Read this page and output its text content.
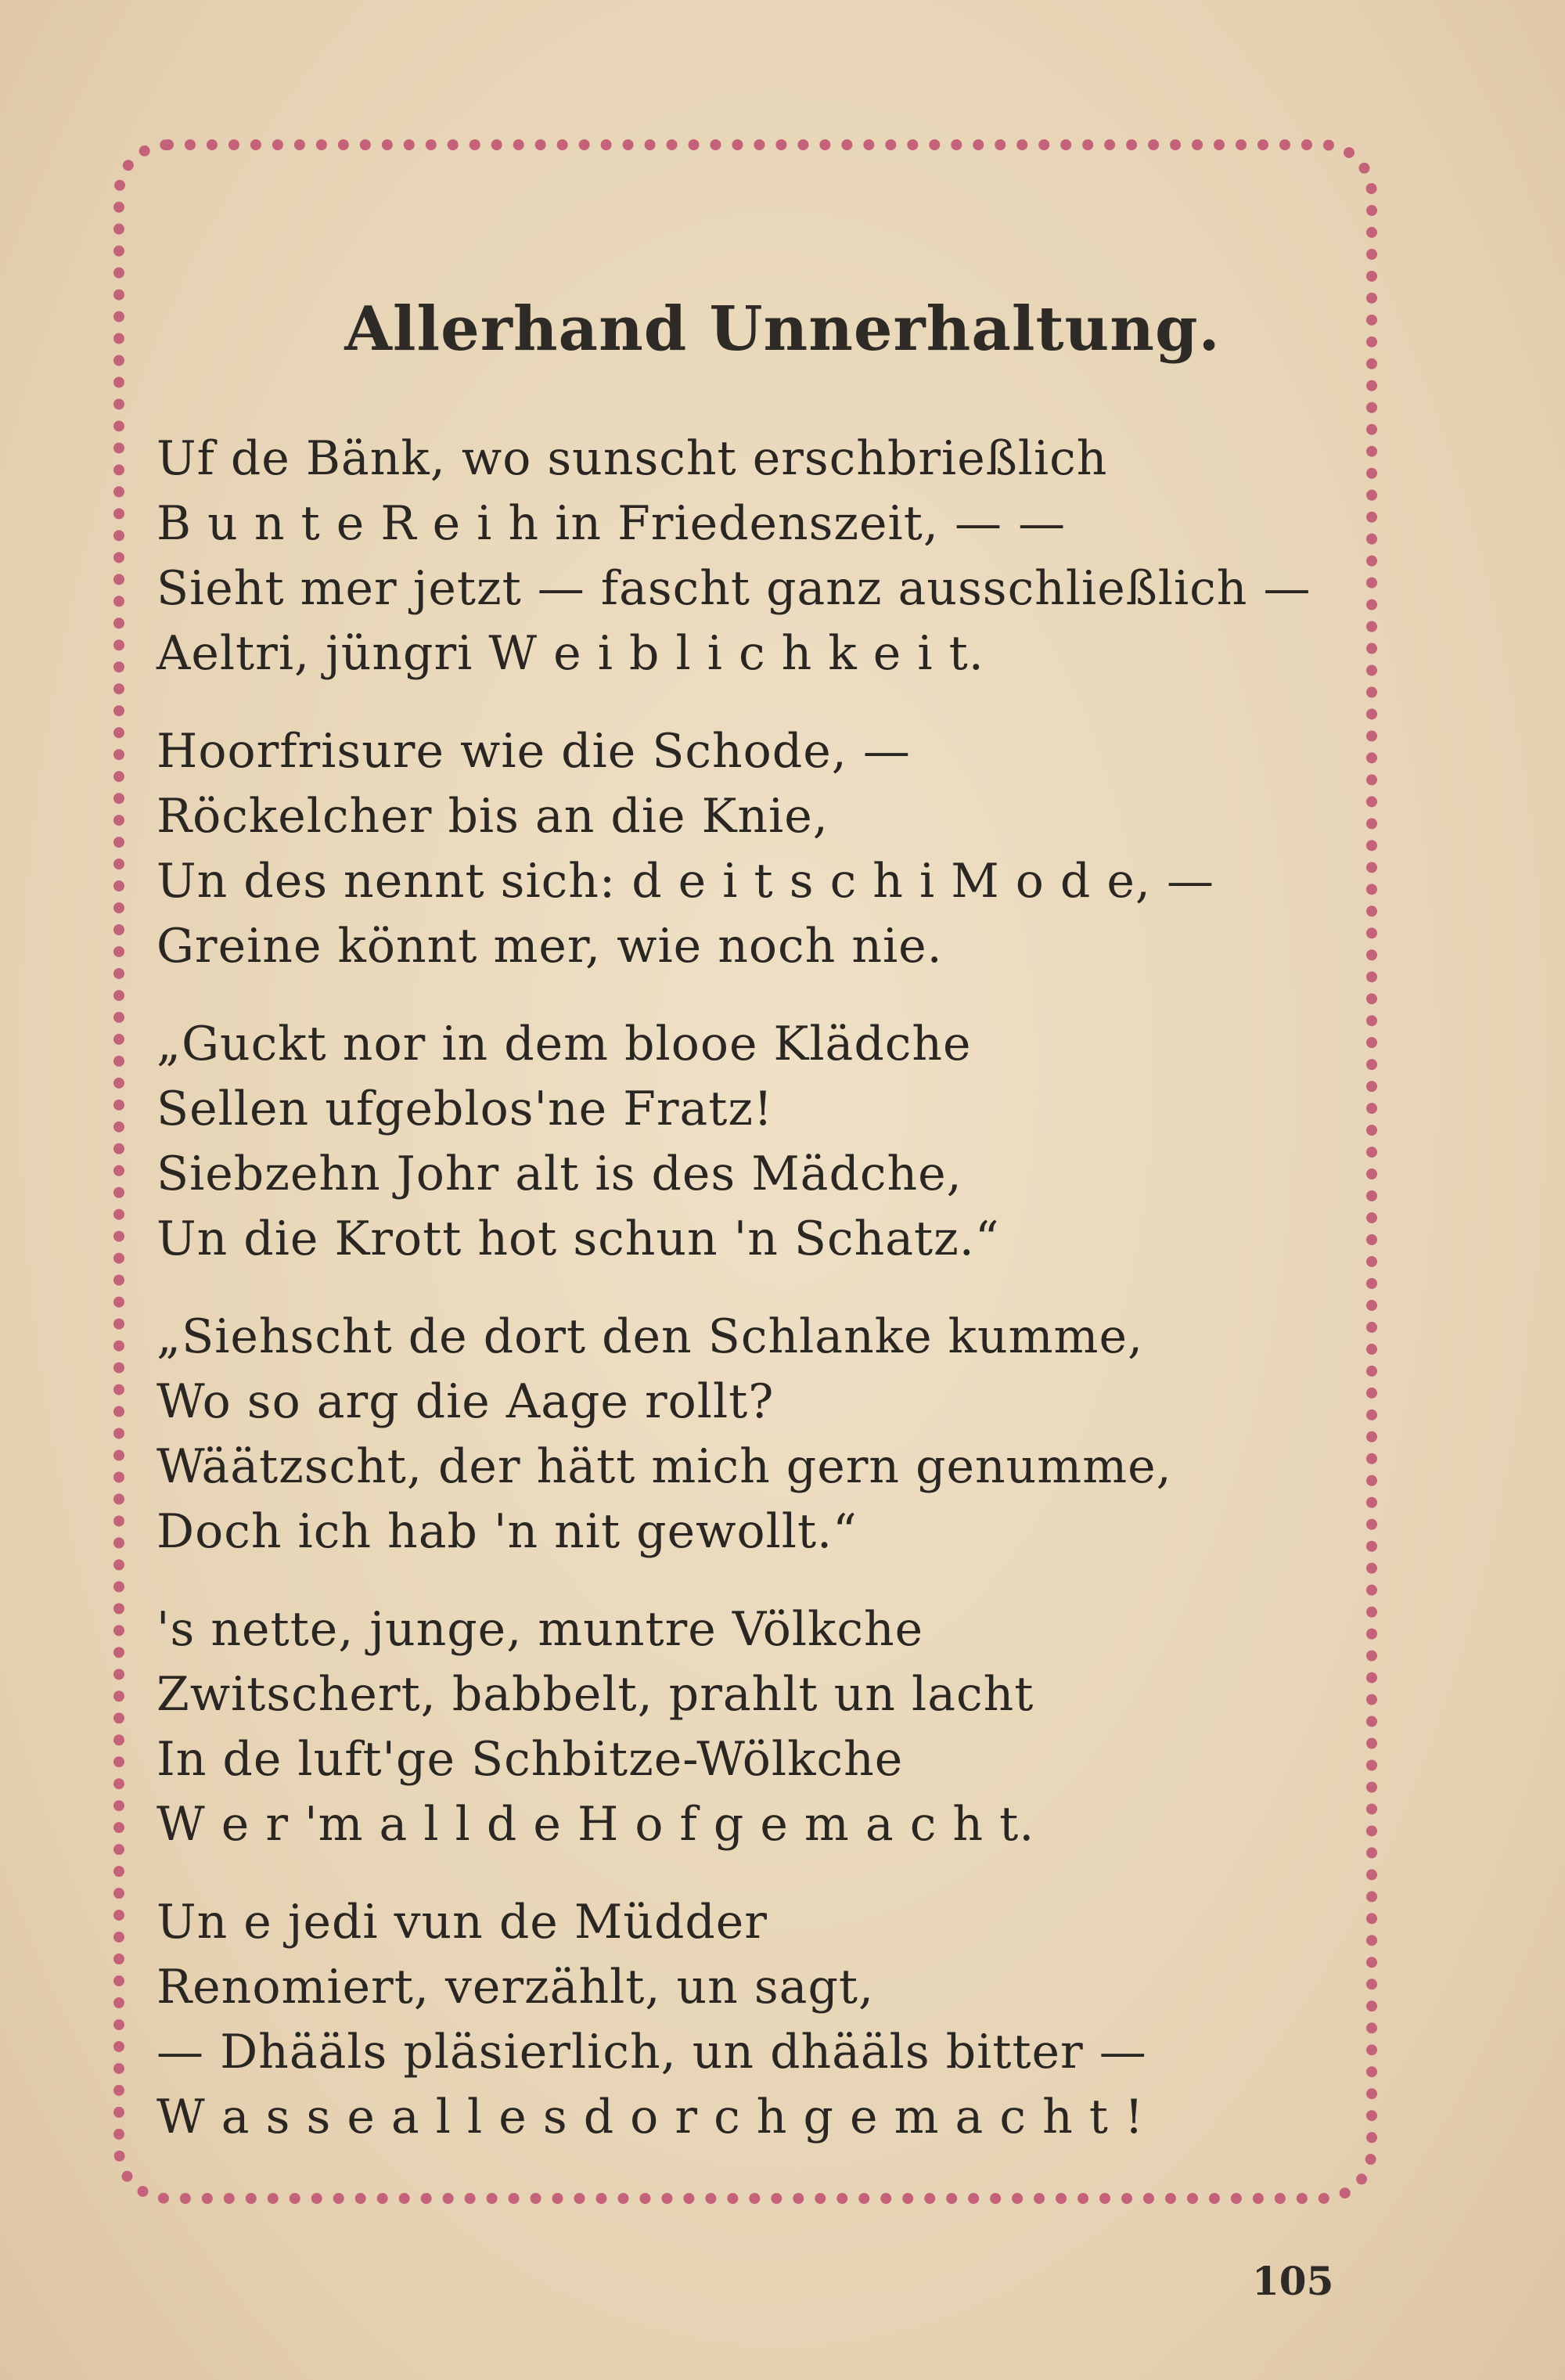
Allerhand Unnerhaltung.
Uf de Bänk, wo sunscht erschbrießlich
B u n t e R e i h in Friedenszeit, — —
Sieht mer jetzt — fascht ganz ausschließlich —
Aeltri, jüngri W e i b l i c h k e i t.
Hoorfrisure wie die Schode, —
Röckelcher bis an die Knie,
Un des nennt sich: d e i t s c h i M o d e, —
Greine könnt mer, wie noch nie.
„Guckt nor in dem blooe Klädche
Sellen ufgeblos'ne Fratz!
Siebzehn Johr alt is des Mädche,
Un die Krott hot schun 'n Schatz.“
„Siehscht de dort den Schlanke kumme,
Wo so arg die Aage rollt?
Wäätzscht, der hätt mich gern genumme,
Doch ich hab 'n nit gewollt.“
's nette, junge, muntre Völkche
Zwitschert, babbelt, prahlt un lacht
In de luft'ge Schbitze-Wölkche
W e r 'm a l l d e H o f g e m a c h t.
Un e jedi vun de Müdder
Renomiert, verzählt, un sagt,
— Dhääls pläsierlich, un dhääls bitter —
W a s s e a l l e s d o r c h g e m a c h t !
105
